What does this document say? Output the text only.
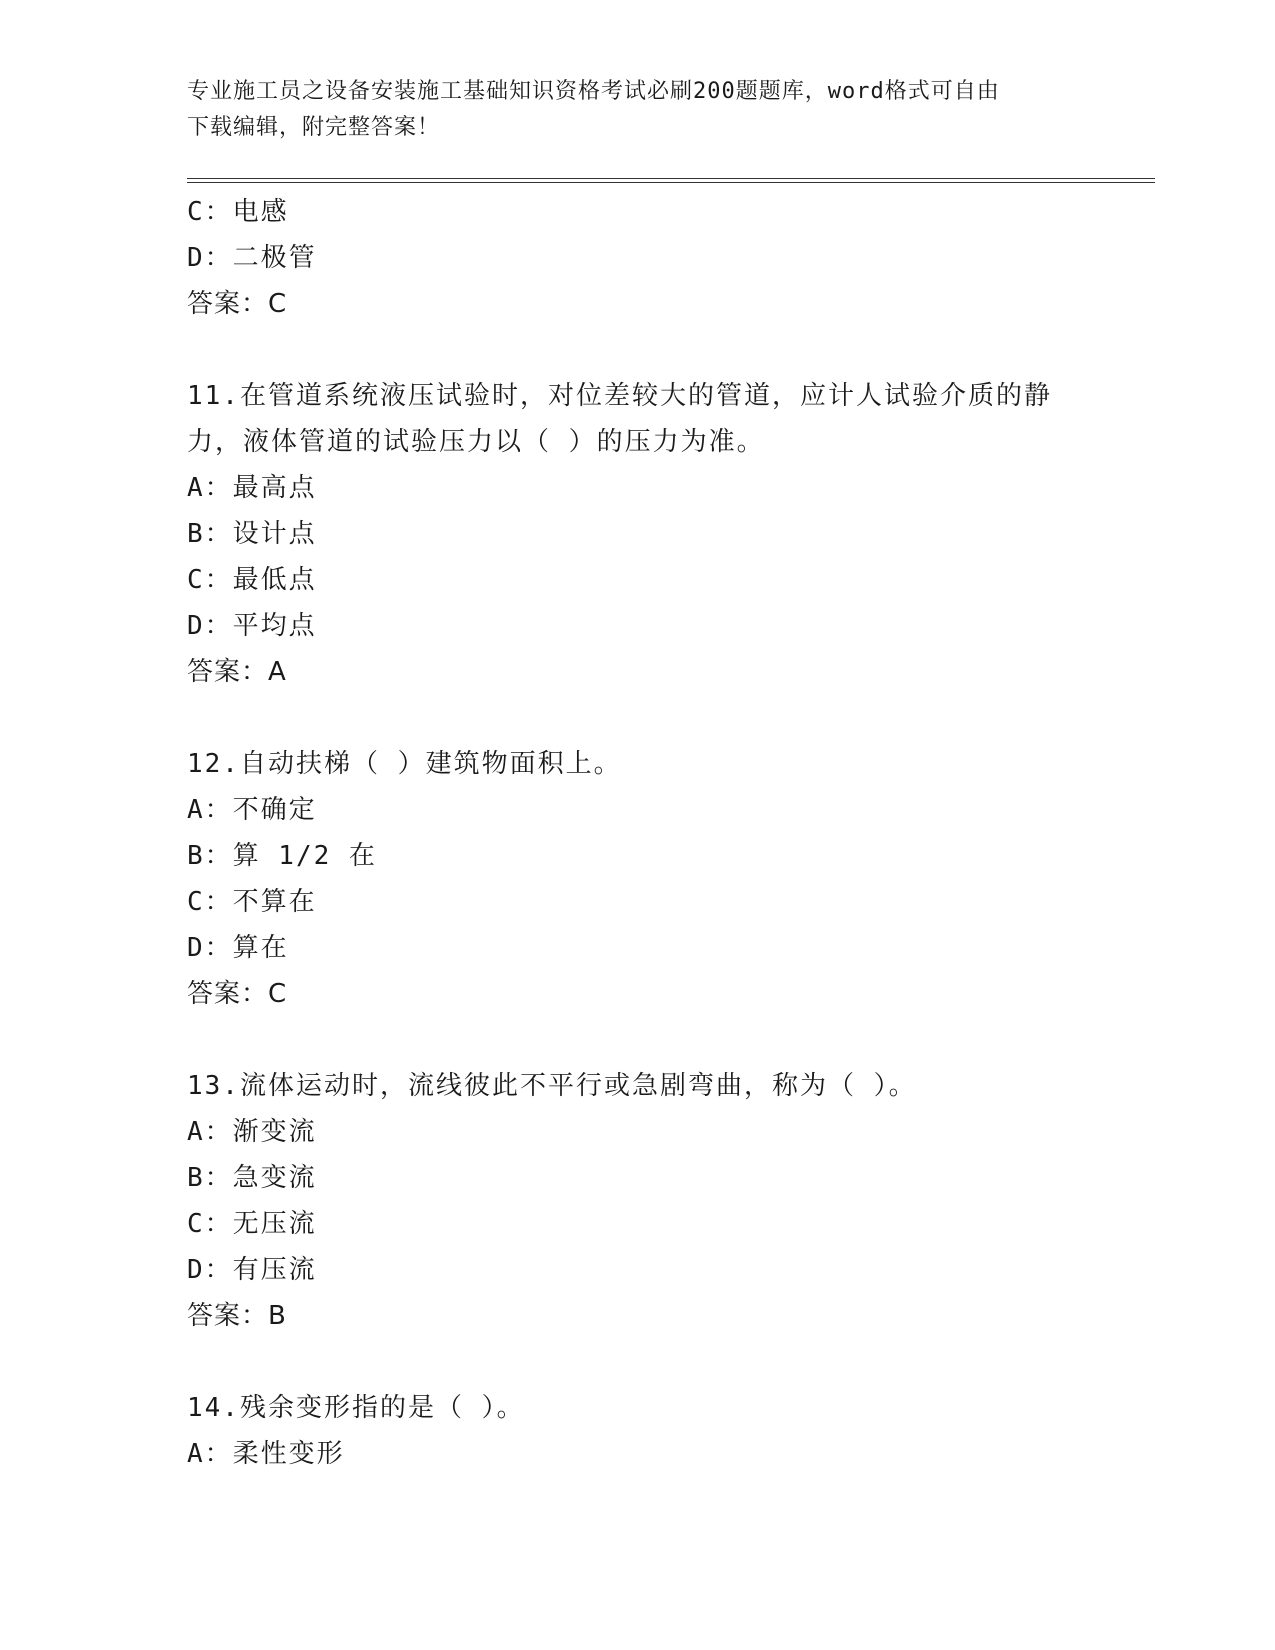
专业施工员之设备安装施工基础知识资格考试必刷200题题库，word格式可自由
下载编辑，附完整答案！
C：电感
D：二极管
答案：C
11.在管道系统液压试验时，对位差较大的管道，应计人试验介质的静
力，液体管道的试验压力以（ ）的压力为准。
A：最高点
B：设计点
C：最低点
D：平均点
答案：A
12.自动扶梯（ ）建筑物面积上。
A：不确定
B：算 1/2 在
C：不算在
D：算在
答案：C
13.流体运动时，流线彼此不平行或急剧弯曲，称为（ ）。
A：渐变流
B：急变流
C：无压流
D：有压流
答案：B
14.残余变形指的是（ ）。
A：柔性变形
